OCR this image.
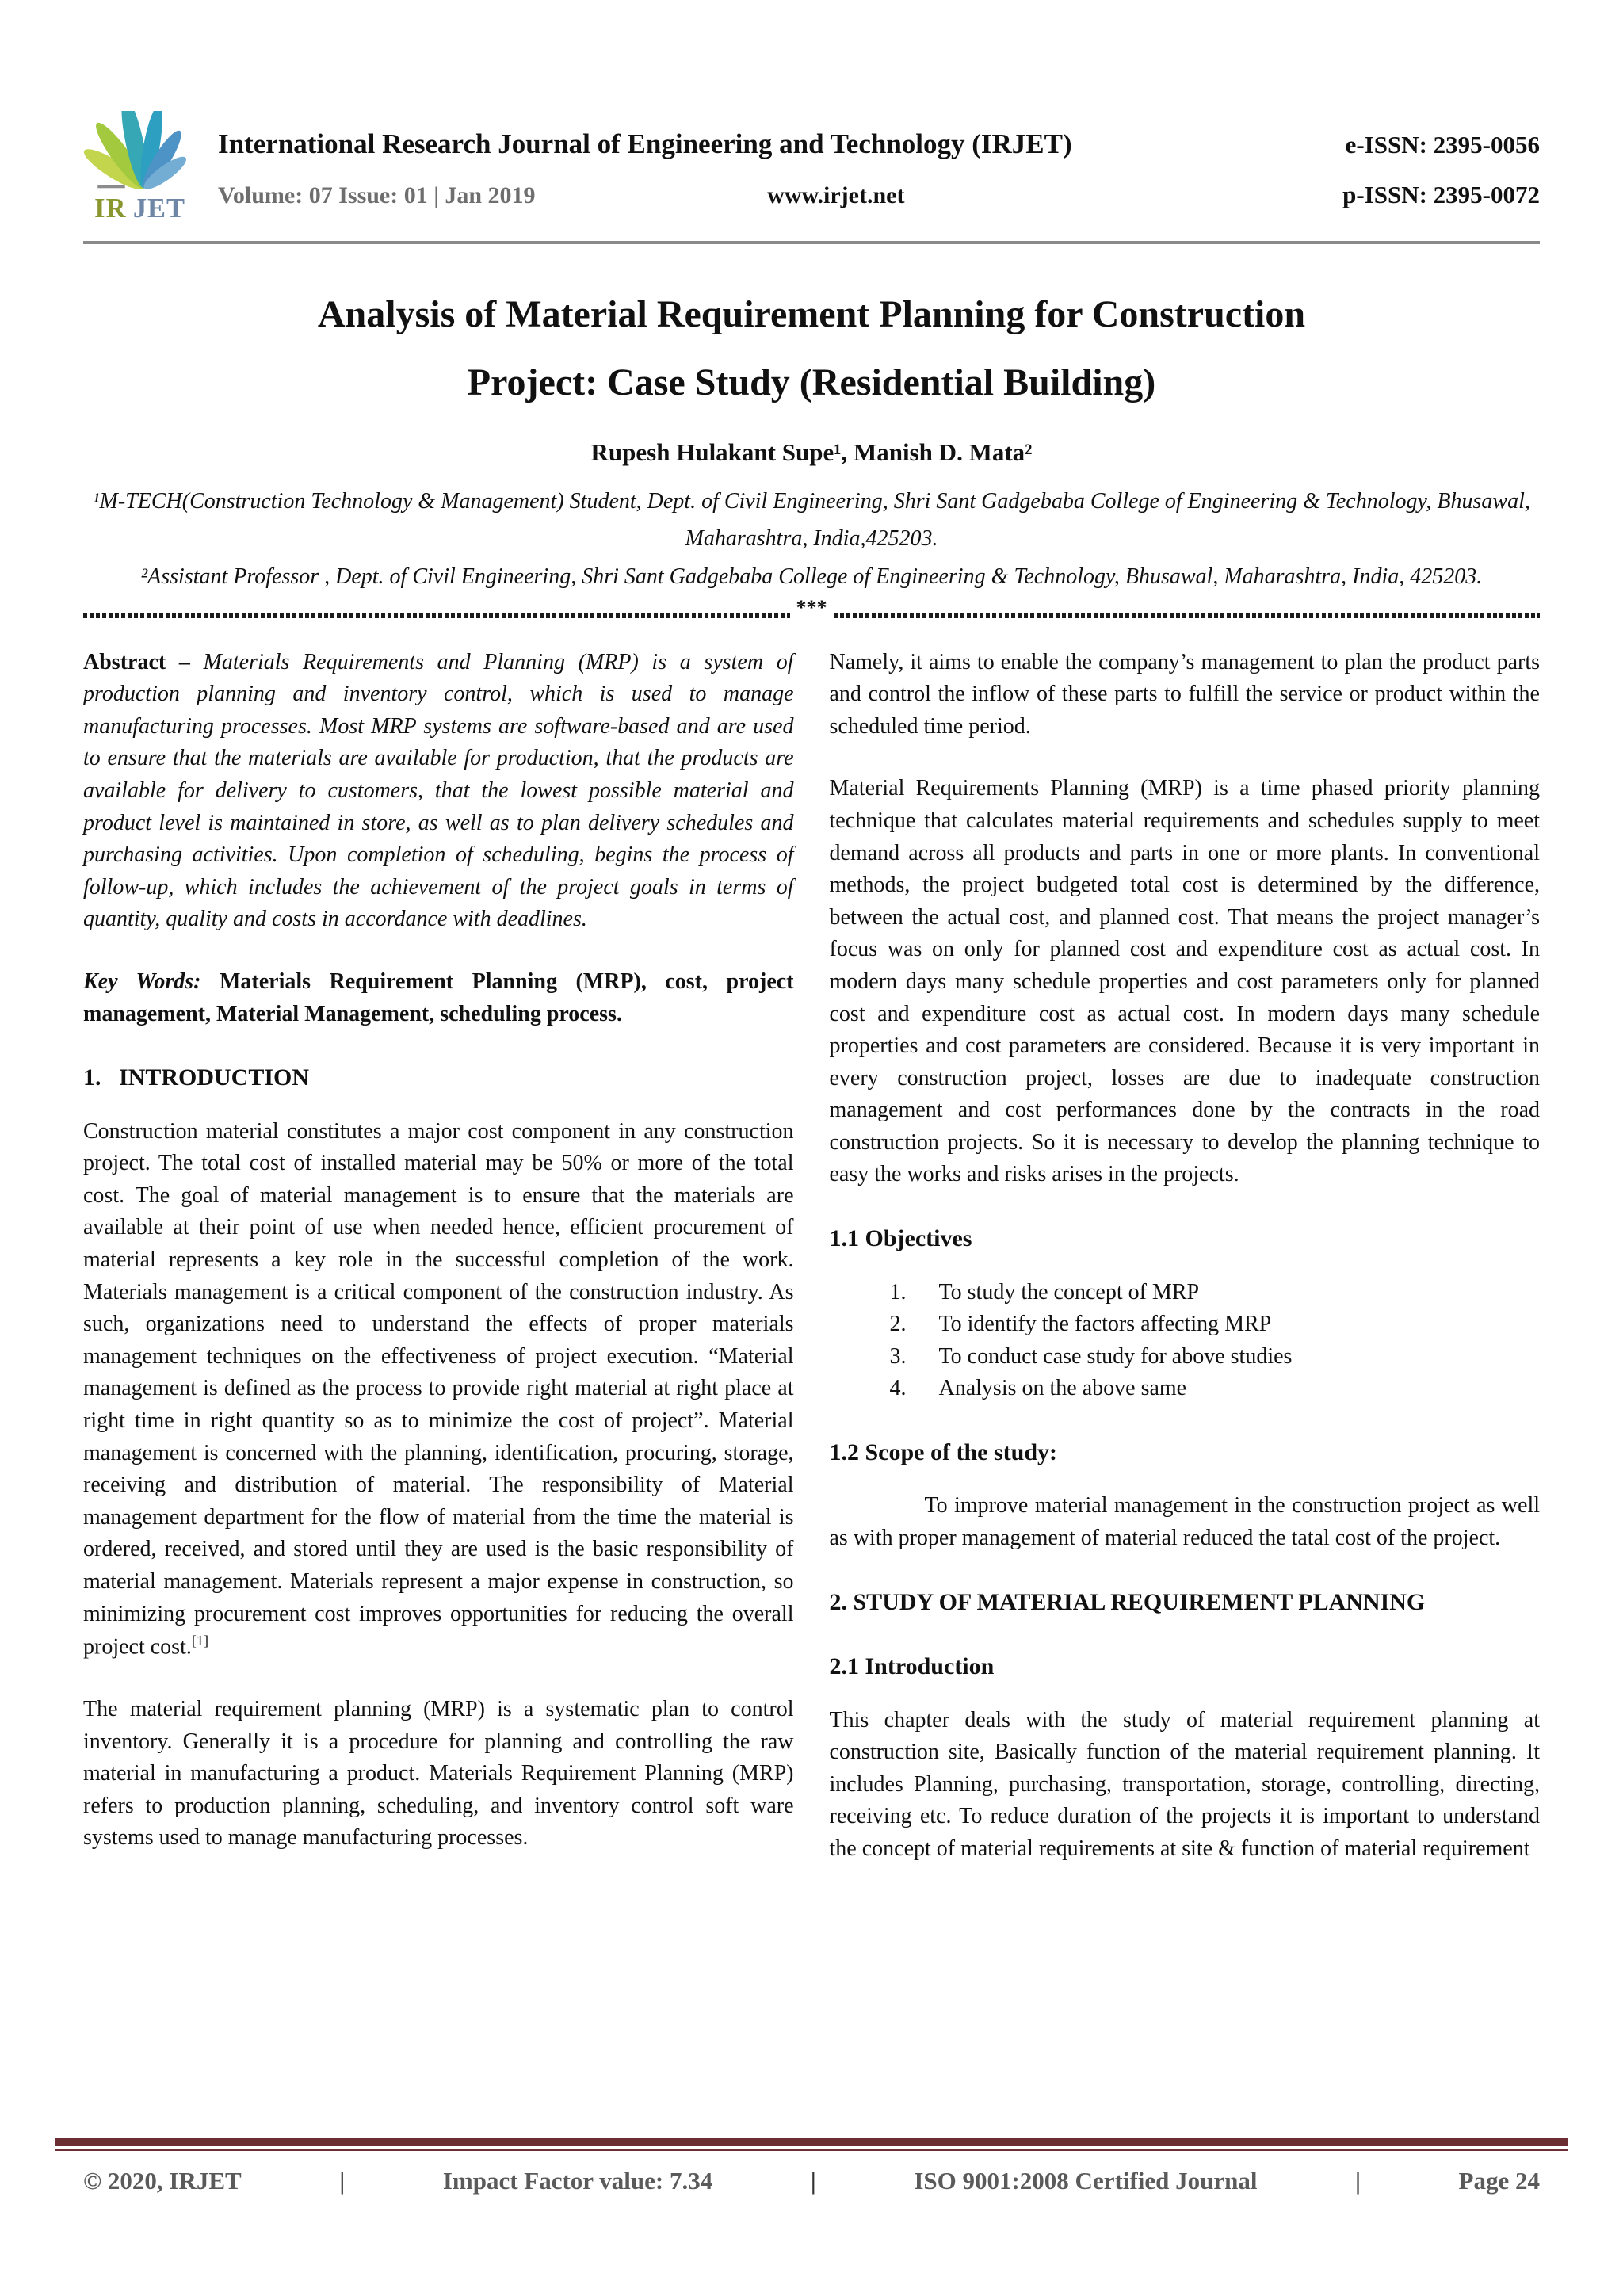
IR JET
International Research Journal of Engineering and Technology (IRJET)	e-ISSN: 2395-0056
Volume: 07 Issue: 01 | Jan 2019	www.irjet.net	p-ISSN: 2395-0072
Analysis of Material Requirement Planning for Construction
Project: Case Study (Residential Building)
Rupesh Hulakant Supe¹, Manish D. Mata²
¹M-TECH(Construction Technology & Management) Student, Dept. of Civil Engineering, Shri Sant Gadgebaba College of Engineering & Technology, Bhusawal, Maharashtra, India,425203.
²Assistant Professor , Dept. of Civil Engineering, Shri Sant Gadgebaba College of Engineering & Technology, Bhusawal, Maharashtra, India, 425203.
***

Abstract – Materials Requirements and Planning (MRP) is a system of production planning and inventory control, which is used to manage manufacturing processes. Most MRP systems are software-based and are used to ensure that the materials are available for production, that the products are available for delivery to customers, that the lowest possible material and product level is maintained in store, as well as to plan delivery schedules and purchasing activities. Upon completion of scheduling, begins the process of follow-up, which includes the achievement of the project goals in terms of quantity, quality and costs in accordance with deadlines.

Key Words: Materials Requirement Planning (MRP), cost, project management, Material Management, scheduling process.

1.   INTRODUCTION

Construction material constitutes a major cost component in any construction project. The total cost of installed material may be 50% or more of the total cost. The goal of material management is to ensure that the materials are available at their point of use when needed hence, efficient procurement of material represents a key role in the successful completion of the work. Materials management is a critical component of the construction industry. As such, organizations need to understand the effects of proper materials management techniques on the effectiveness of project execution. “Material management is defined as the process to provide right material at right place at right time in right quantity so as to minimize the cost of project”. Material management is concerned with the planning, identification, procuring, storage, receiving and distribution of material. The responsibility of Material management department for the flow of material from the time the material is ordered, received, and stored until they are used is the basic responsibility of material management. Materials represent a major expense in construction, so minimizing procurement cost improves opportunities for reducing the overall project cost.[1]

The material requirement planning (MRP) is a systematic plan to control inventory. Generally it is a procedure for planning and controlling the raw material in manufacturing a product. Materials Requirement Planning (MRP) refers to production planning, scheduling, and inventory control soft ware systems used to manage manufacturing processes.

Namely, it aims to enable the company’s management to plan the product parts and control the inflow of these parts to fulfill the service or product within the scheduled time period.

Material Requirements Planning (MRP) is a time phased priority planning technique that calculates material requirements and schedules supply to meet demand across all products and parts in one or more plants. In conventional methods, the project budgeted total cost is determined by the difference, between the actual cost, and planned cost. That means the project manager’s focus was on only for planned cost and expenditure cost as actual cost. In modern days many schedule properties and cost parameters only for planned cost and expenditure cost as actual cost. In modern days many schedule properties and cost parameters are considered. Because it is very important in every construction project, losses are due to inadequate construction management and cost performances done by the contracts in the road construction projects. So it is necessary to develop the planning technique to easy the works and risks arises in the projects.

1.1 Objectives
1.	To study the concept of MRP
2.	To identify the factors affecting MRP
3.	To conduct case study for above studies
4.	Analysis on the above same
1.2 Scope of the study:

To improve material management in the construction project as well as with proper management of material reduced the tatal cost of the project.

2. STUDY OF MATERIAL REQUIREMENT PLANNING
2.1 Introduction

This chapter deals with the study of material requirement planning at construction site, Basically function of the material requirement planning. It includes Planning, purchasing, transportation, storage, controlling, directing, receiving etc. To reduce duration of the projects it is important to understand the concept of material requirements at site & function of material requirement

© 2020, IRJET	|	Impact Factor value: 7.34	|	ISO 9001:2008 Certified Journal	|	Page 24
